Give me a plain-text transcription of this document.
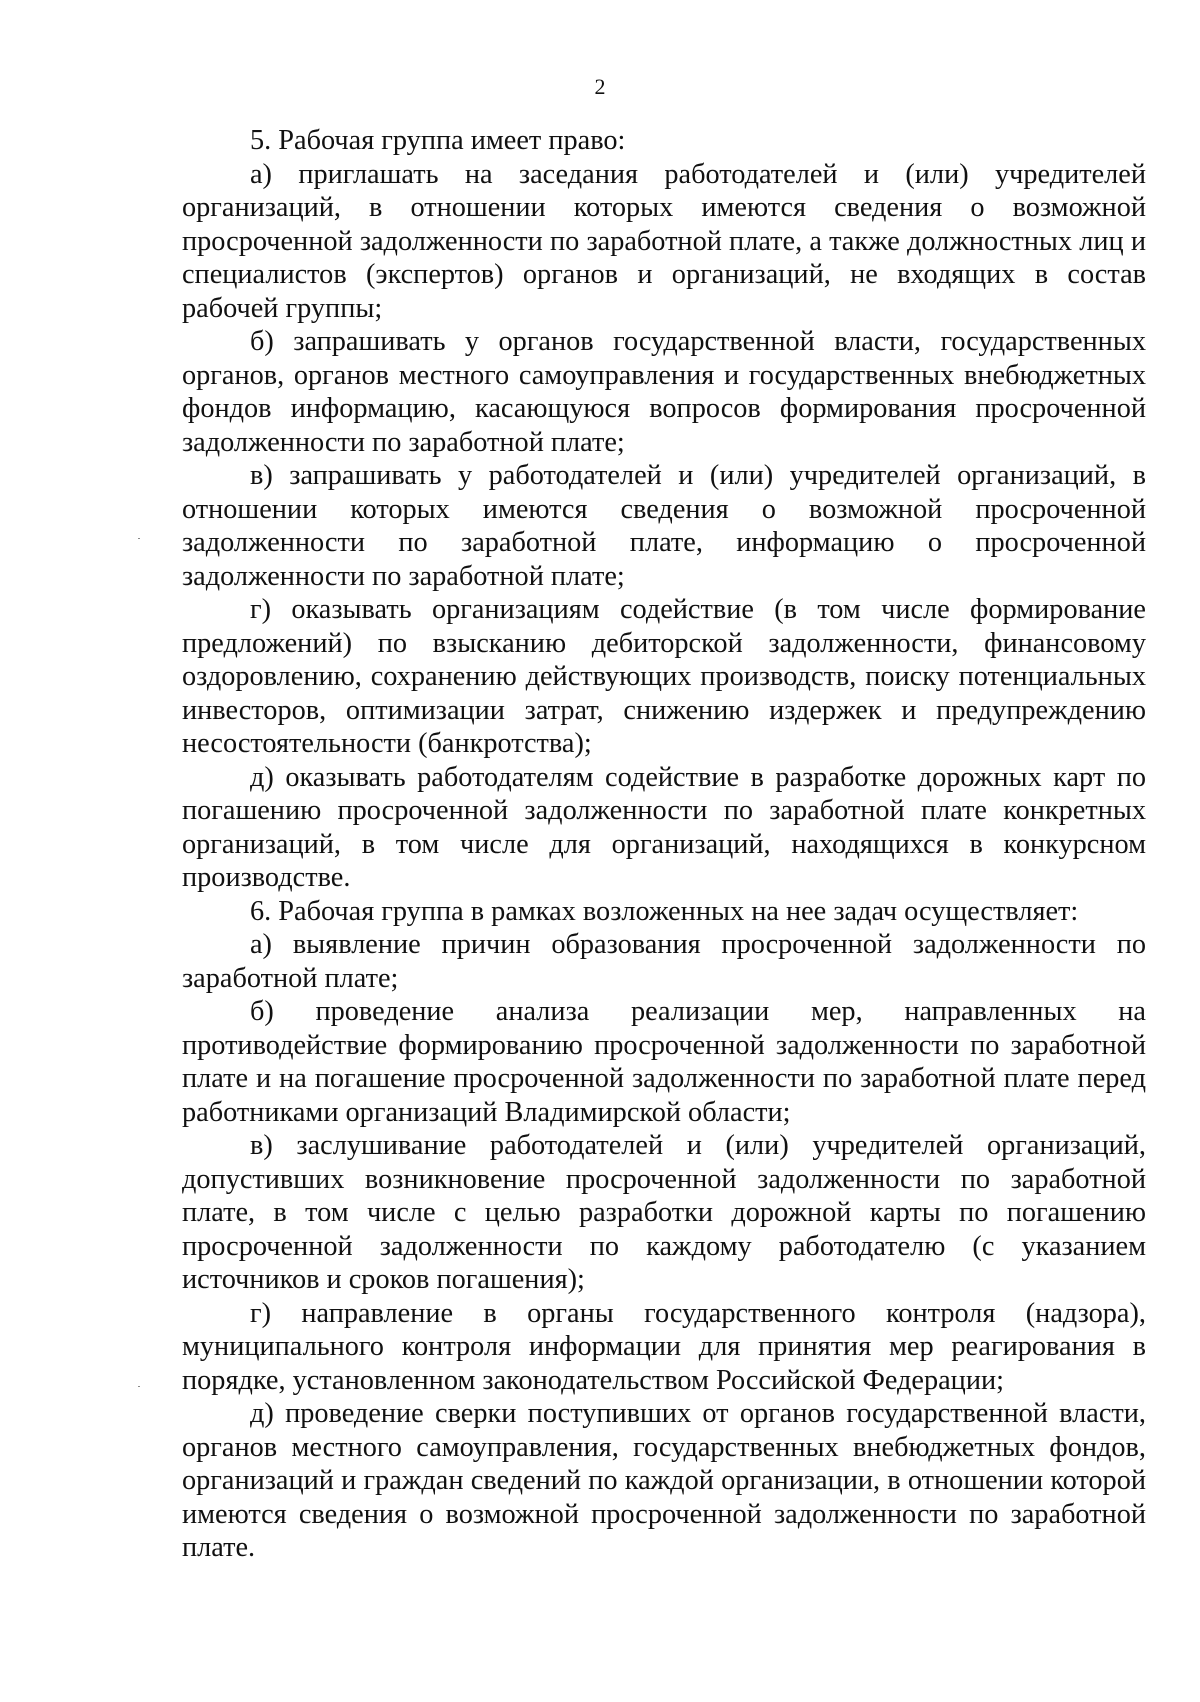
2

5. Рабочая группа имеет право:

а) приглашать на заседания работодателей и (или) учредителей организаций, в отношении которых имеются сведения о возможной просроченной задолженности по заработной плате, а также должностных лиц и специалистов (экспертов) органов и организаций, не входящих в состав рабочей группы;

б) запрашивать у органов государственной власти, государственных органов, органов местного самоуправления и государственных внебюджетных фондов информацию, касающуюся вопросов формирования просроченной задолженности по заработной плате;

в) запрашивать у работодателей и (или) учредителей организаций, в отношении которых имеются сведения о возможной просроченной задолженности по заработной плате, информацию о просроченной задолженности по заработной плате;

г) оказывать организациям содействие (в том числе формирование предложений) по взысканию дебиторской задолженности, финансовому оздоровлению, сохранению действующих производств, поиску потенциальных инвесторов, оптимизации затрат, снижению издержек и предупреждению несостоятельности (банкротства);

д) оказывать работодателям содействие в разработке дорожных карт по погашению просроченной задолженности по заработной плате конкретных организаций, в том числе для организаций, находящихся в конкурсном производстве.

6. Рабочая группа в рамках возложенных на нее задач осуществляет:

а) выявление причин образования просроченной задолженности по заработной плате;

б) проведение анализа реализации мер, направленных на противодействие формированию просроченной задолженности по заработной плате и на погашение просроченной задолженности по заработной плате перед работниками организаций Владимирской области;

в) заслушивание работодателей и (или) учредителей организаций, допустивших возникновение просроченной задолженности по заработной плате, в том числе с целью разработки дорожной карты по погашению просроченной задолженности по каждому работодателю (с указанием источников и сроков погашения);

г) направление в органы государственного контроля (надзора), муниципального контроля информации для принятия мер реагирования в порядке, установленном законодательством Российской Федерации;

д) проведение сверки поступивших от органов государственной власти, органов местного самоуправления, государственных внебюджетных фондов, организаций и граждан сведений по каждой организации, в отношении которой имеются сведения о возможной просроченной задолженности по заработной плате.
